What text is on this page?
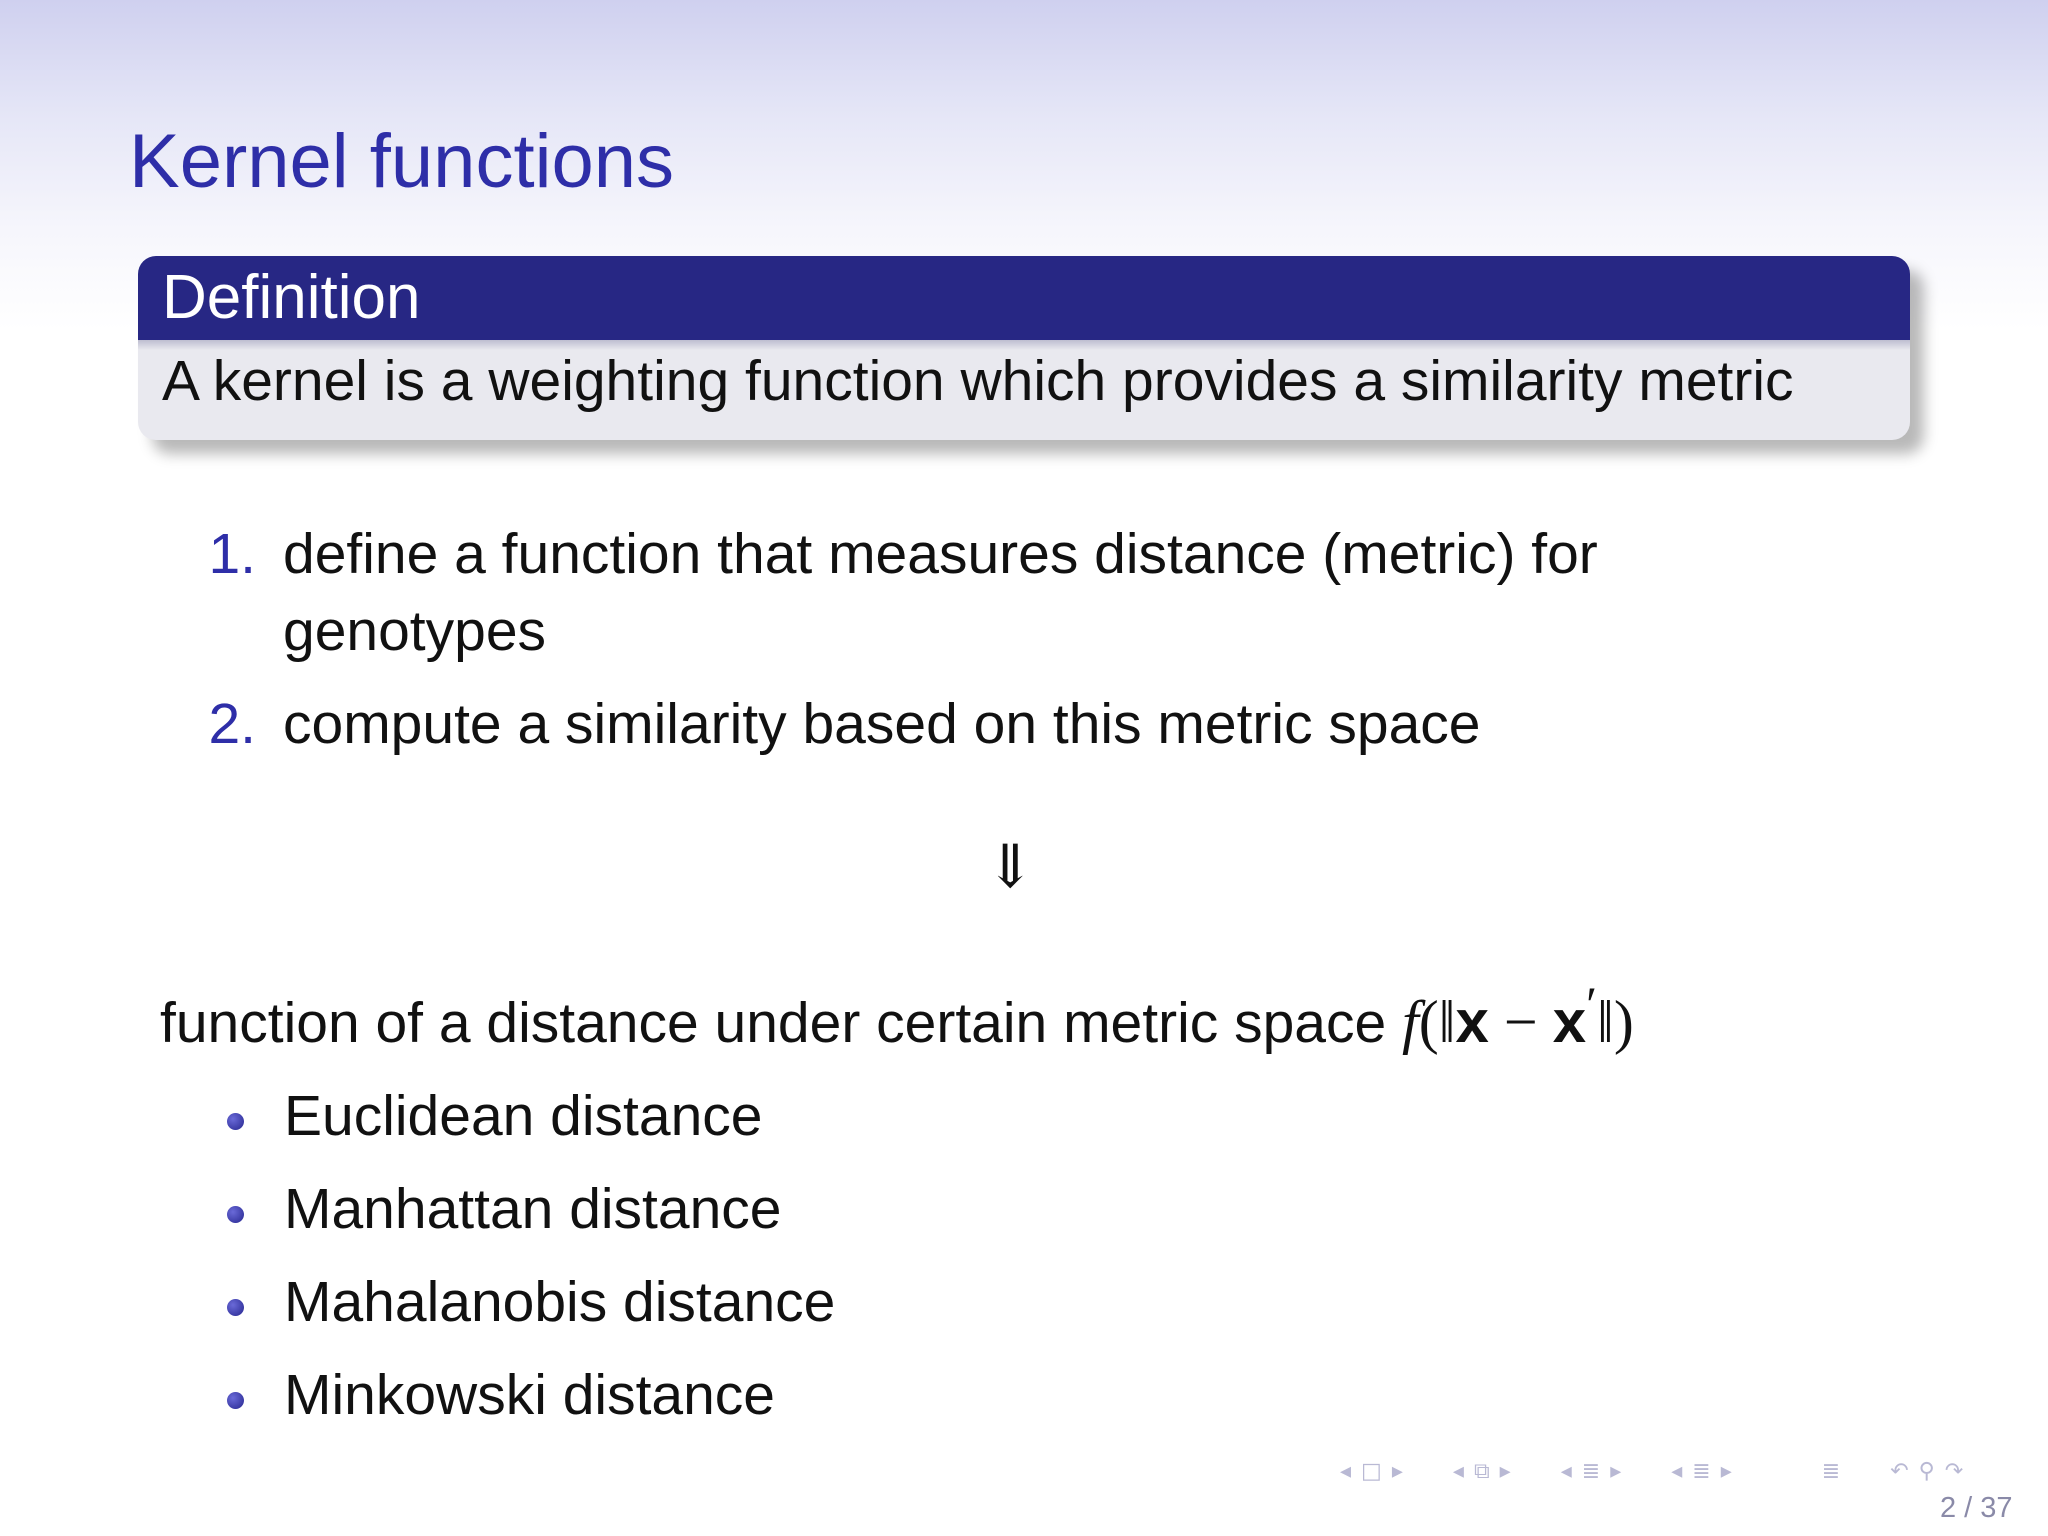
Kernel functions
Definition
A kernel is a weighting function which provides a similarity metric
1. define a function that measures distance (metric) for genotypes
2. compute a similarity based on this metric space
⇓
function of a distance under certain metric space f(‖x − x′‖)
Euclidean distance
Manhattan distance
Mahalanobis distance
Minkowski distance
◂ □ ▸ ◂ ⧉ ▸ ◂ ≣ ▸ ◂ ≣ ▸	≣ ↶ ⚲ ↷
2 / 37
